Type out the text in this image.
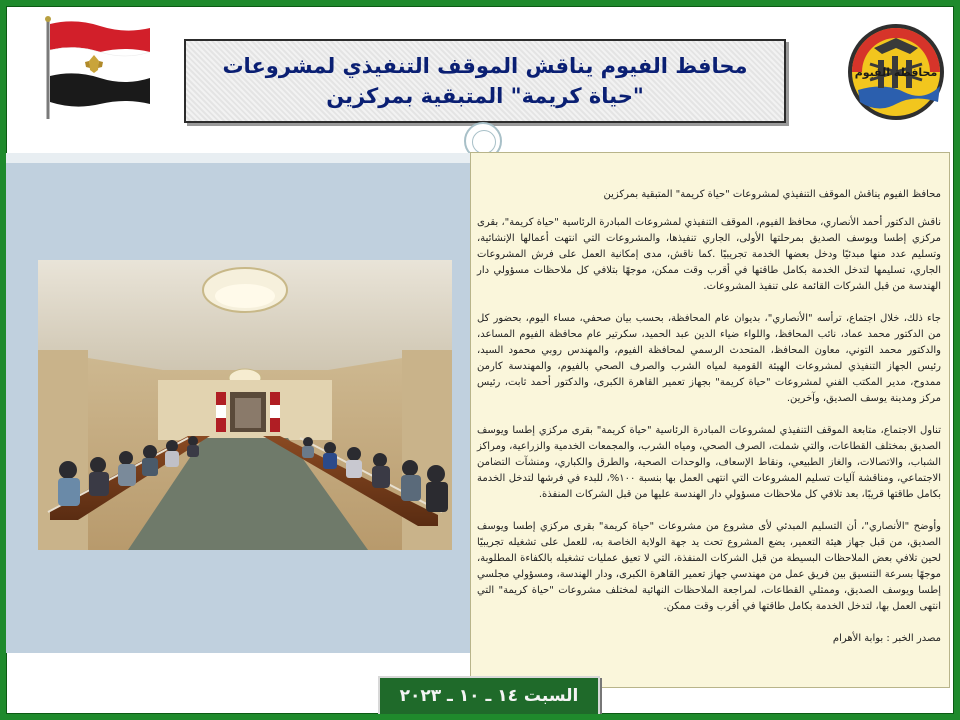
محافظ الفيوم يناقش الموقف التنفيذي لمشروعات "حياة كريمة" المتبقية بمركزين
محافظة الفيوم

محافظ الفيوم يناقش الموقف التنفيذي لمشروعات "حياة كريمة" المتبقية بمركزين

ناقش الدكتور أحمد الأنصاري، محافظ الفيوم، الموقف التنفيذي لمشروعات المبادرة الرئاسية "حياة كريمة"، بقرى مركزي إطسا ويوسف الصديق بمرحلتها الأولى، الجاري تنفيذها، والمشروعات التي انتهت أعمالها الإنشائية، وتسليم عدد منها مبدئيًا ودخل بعضها الخدمة تجريبيًا .كما ناقش، مدى إمكانية العمل على فرش المشروعات الجاري، تسليمها لتدخل الخدمة بكامل طاقتها في أقرب وقت ممكن، موجهًا بتلافي كل ملاحظات مسؤولي دار الهندسة من قبل الشركات القائمة على تنفيذ المشروعات.

جاء ذلك، خلال اجتماع، ترأسه "الأنصاري"، بديوان عام المحافظة، بحسب بيان صحفي، مساء اليوم، بحضور كل من الدكتور محمد عماد، نائب المحافظ، واللواء ضياء الدين عبد الحميد، سكرتير عام محافظة الفيوم المساعد، والدكتور محمد التوني، معاون المحافظ، المتحدث الرسمي لمحافظة الفيوم، والمهندس روبي محمود السيد، رئيس الجهاز التنفيذي لمشروعات الهيئة القومية لمياه الشرب والصرف الصحي بالفيوم، والمهندسة كارمن ممدوح، مدير المكتب الفني لمشروعات "حياة كريمة" بجهاز تعمير القاهرة الكبرى، والدكتور أحمد ثابت، رئيس مركز ومدينة يوسف الصديق، وآخرين.

تناول الاجتماع، متابعة الموقف التنفيذي لمشروعات المبادرة الرئاسية "حياة كريمة" بقرى مركزي إطسا ويوسف الصديق بمختلف القطاعات، والتي شملت، الصرف الصحي، ومياه الشرب، والمجمعات الخدمية والزراعية، ومراكز الشباب، والاتصالات، والغاز الطبيعي، ونقاط الإسعاف، والوحدات الصحية، والطرق والكباري، ومنشآت التضامن الاجتماعي، ومناقشة آليات تسليم المشروعات التي انتهى العمل بها بنسبة ١٠٠%، للبدء في فرشها لتدخل الخدمة بكامل طاقتها قريبًا، بعد تلافي كل ملاحظات مسؤولي دار الهندسة عليها من قبل الشركات المنفذة.

وأوضح "الأنصاري"، أن التسليم المبدئي لأى مشروع من مشروعات "حياة كريمة" بقرى مركزي إطسا ويوسف الصديق، من قبل جهاز هيئة التعمير، يضع المشروع تحت يد جهة الولاية الخاصة به، للعمل على تشغيله تجريبيًا لحين تلافي بعض الملاحظات البسيطة من قبل الشركات المنفذة، التي لا تعيق عمليات تشغيله بالكفاءة المطلوبة، موجهًا بسرعة التنسيق بين فريق عمل من مهندسي جهاز تعمير القاهرة الكبرى، ودار الهندسة، ومسؤولي مجلسي إطسا ويوسف الصديق، وممثلي القطاعات، لمراجعة الملاحظات النهائية لمختلف مشروعات "حياة كريمة" التي انتهى العمل بها، لتدخل الخدمة بكامل طاقتها في أقرب وقت ممكن.

مصدر الخبر : بوابة الأهرام

السبت ١٤ ـ ١٠ ـ ٢٠٢٣
